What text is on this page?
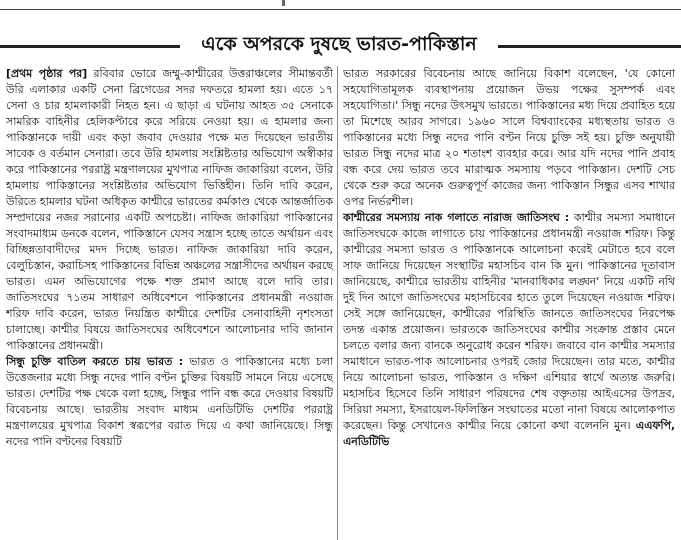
একে অপরকে দুষছে ভারত-পাকিস্তান

[প্রথম পৃষ্ঠার পর] রবিবার ভোরে জম্মু-কাশ্মীরের উত্তরাঞ্চলের সীমান্তবর্তী উরি এলাকার একটি সেনা ব্রিগেডের সদর দফতরে হামলা হয়। এতে ১৭ সেনা ও চার হামলাকারী নিহত হন। এ ছাড়া এ ঘটনায় আহত ৩৫ সেনাকে সামরিক বাহিনীর হেলিকপ্টারে করে সরিয়ে নেওয়া হয়। এ হামলার জন্য পাকিস্তানকে দায়ী এবং কড়া জবাব দেওয়ার পক্ষে মত দিয়েছেন ভারতীয় সাবেক ও বর্তমান সেনারা। তবে উরি হামলায় সংশ্লিষ্টতার অভিযোগ অস্বীকার করে পাকিস্তানের পররাষ্ট্র মন্ত্রণালয়ের মুখপাত্র নাফিজ জাকারিয়া বলেন, উরি হামলায় পাকিস্তানের সংশ্লিষ্টতার অভিযোগ ভিত্তিহীন। তিনি দাবি করেন, উরিতে হামলার ঘটনা অধিকৃত কাশ্মীরে ভারতের কর্মকাণ্ড থেকে আন্তর্জাতিক সম্প্রদায়ের নজর সরানোর একটি অপচেষ্টা। নাফিজ জাকারিয়া পাকিস্তানের সংবাদমাধ্যম ডনকে বলেন, পাকিস্তানে যেসব সন্ত্রাস হচ্ছে তাতে অর্থায়ন এবং বিচ্ছিন্নতাবাদীদের মদদ দিচ্ছে ভারত। নাফিজ জাকারিয়া দাবি করেন, বেলুচিস্তান, করাচিসহ পাকিস্তানের বিভিন্ন অঞ্চলের সন্ত্রাসীদের অর্থায়ন করছে ভারত। এমন অভিযোগের পক্ষে শক্ত প্রমাণ আছে বলে দাবি তার। জাতিসংঘের ৭১তম সাধারণ অধিবেশনে পাকিস্তানের প্রধানমন্ত্রী নওয়াজ শরিফ দাবি করেন, ভারত নিয়ন্ত্রিত কাশ্মীরে দেশটির সেনাবাহিনী নৃশংসতা চালাচ্ছে। কাশ্মীর বিষয়ে জাতিসংঘের অধিবেশনে আলোচনার দাবি জানান পাকিস্তানের প্রধানমন্ত্রী।

সিন্ধু চুক্তি বাতিল করতে চায় ভারত : ভারত ও পাকিস্তানের মধ্যে চলা উত্তেজনার মধ্যে সিন্ধু নদের পানি বণ্টন চুক্তির বিষয়টি সামনে নিয়ে এসেছে ভারত। দেশটির পক্ষ থেকে বলা হচ্ছে, সিন্ধুর পানি বন্ধ করে দেওয়ার বিষয়টি বিবেচনায় আছে। ভারতীয় সংবাদ মাধ্যম এনডিটিভি দেশটির পররাষ্ট্র মন্ত্রণালয়ের মুখপাত্র বিকাশ স্বরূপের বরাত দিয়ে এ কথা জানিয়েছে। সিন্ধু নদের পানি বণ্টনের বিষয়টি

ভারত সরকারের বিবেচনায় আছে জানিয়ে বিকাশ বলেছেন, 'যে কোনো সহযোগিতামূলক ব্যবস্থাপনায় প্রয়োজন উভয় পক্ষের সুসম্পর্ক এবং সহযোগিতা।' সিন্ধু নদের উৎসমুখ ভারতে। পাকিস্তানের মধ্য দিয়ে প্রবাহিত হয়ে তা মিশেছে আরব সাগরে। ১৯৬০ সালে বিশ্বব্যাংকের মধ্যস্থতায় ভারত ও পাকিস্তানের মধ্যে সিন্ধু নদের পানি বণ্টন নিয়ে চুক্তি সই হয়। চুক্তি অনুযায়ী ভারত সিন্ধু নদের মাত্র ২০ শতাংশ ব্যবহার করে। আর যদি নদের পানি প্রবাহ বন্ধ করে দেয় ভারত তবে মারাত্মক সমস্যায় পড়বে পাকিস্তান। দেশটি সেচ থেকে শুরু করে অনেক গুরুত্বপূর্ণ কাজের জন্য পাকিস্তান সিন্ধুর এসব শাখার ওপর নির্ভরশীল।

কাশ্মীরের সমস্যায় নাক গলাতে নারাজ জাতিসংঘ : কাশ্মীর সমস্যা সমাধানে জাতিসংঘকে কাজে লাগাতে চায় পাকিস্তানের প্রধানমন্ত্রী নওয়াজ শরিফ। কিন্তু কাশ্মীরের সমস্যা ভারত ও পাকিস্তানকে আলোচনা করেই মেটাতে হবে বলে সাফ জানিয়ে দিয়েছেন সংস্থাটির মহাসচিব বান কি মুন। পাকিস্তানের দূতাবাস জানিয়েছে, কাশ্মীরে ভারতীয় বাহিনীর 'মানবাধিকার লঙ্ঘন' নিয়ে একটি নথি দুই দিন আগে জাতিসংঘের মহাসচিবের হাতে তুলে দিয়েছেন নওয়াজ শরিফ। সেই সঙ্গে জানিয়েছেন, কাশ্মীরের পরিস্থিতি জানতে জাতিসংঘের নিরপেক্ষ তদন্ত একান্ত প্রয়োজন। ভারতকে জাতিসংঘের কাশ্মীর সংক্রান্ত প্রস্তাব মেনে চলতে বলার জন্য বানকে অনুরোধ করেন শরিফ। জবাবে বান কাশ্মীর সমস্যার সমাধানে ভারত-পাক আলোচনার ওপরই জোর দিয়েছেন। তার মতে, কাশ্মীর নিয়ে আলোচনা ভারত, পাকিস্তান ও দক্ষিণ এশিয়ার স্বার্থে অত্যন্ত জরুরি। মহাসচিব হিসেবে তিনি সাধারণ পরিষদের শেষ বক্তৃতায় আইএসের উপদ্রব, সিরিয়া সমস্যা, ইসরায়েল-ফিলিস্তিন সংঘাতের মতো নানা বিষয়ে আলোকপাত করেছেন। কিন্তু সেখানেও কাশ্মীর নিয়ে কোনো কথা বলেননি মুন। এএফপি, এনডিটিভি
